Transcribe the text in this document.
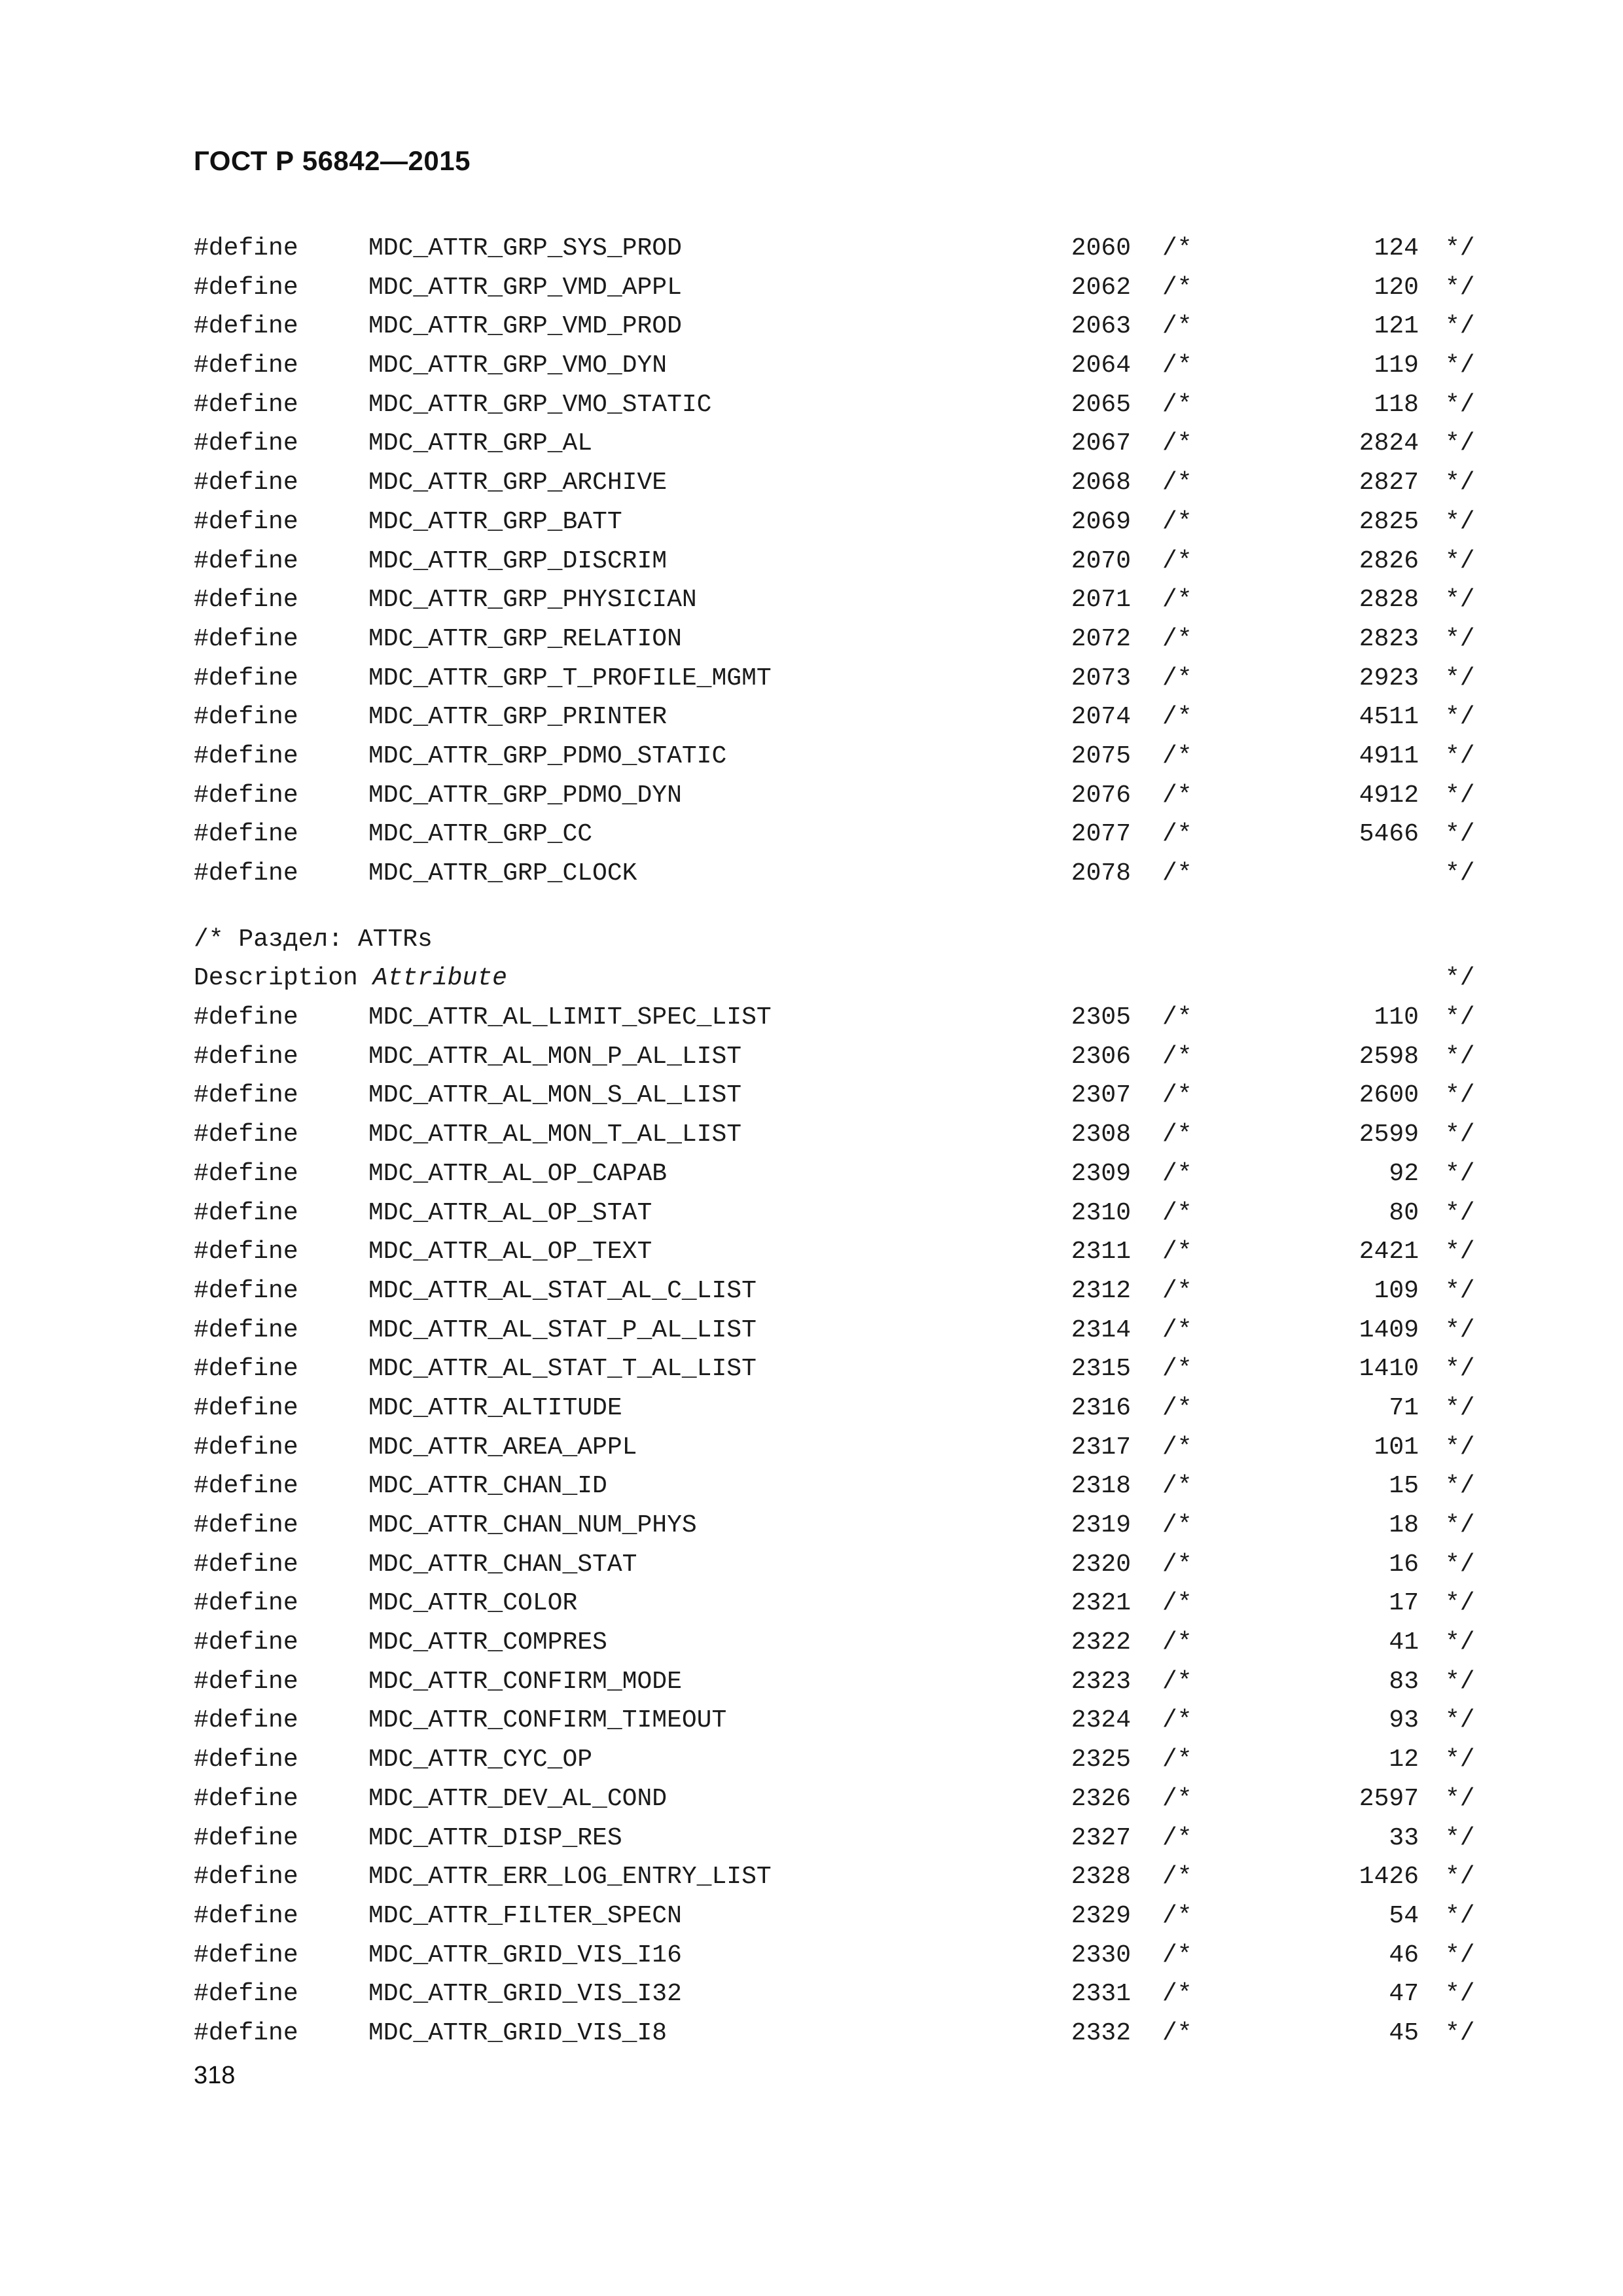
ГОСТ Р 56842—2015
#define	MDC_ATTR_GRP_SYS_PROD	2060 /*	124 */
#define	MDC_ATTR_GRP_VMD_APPL	2062 /*	120 */
#define	MDC_ATTR_GRP_VMD_PROD	2063 /*	121 */
#define	MDC_ATTR_GRP_VMO_DYN	2064 /*	119 */
#define	MDC_ATTR_GRP_VMO_STATIC	2065 /*	118 */
#define	MDC_ATTR_GRP_AL	2067 /*	2824 */
#define	MDC_ATTR_GRP_ARCHIVE	2068 /*	2827 */
#define	MDC_ATTR_GRP_BATT	2069 /*	2825 */
#define	MDC_ATTR_GRP_DISCRIM	2070 /*	2826 */
#define	MDC_ATTR_GRP_PHYSICIAN	2071 /*	2828 */
#define	MDC_ATTR_GRP_RELATION	2072 /*	2823 */
#define	MDC_ATTR_GRP_T_PROFILE_MGMT	2073 /*	2923 */
#define	MDC_ATTR_GRP_PRINTER	2074 /*	4511 */
#define	MDC_ATTR_GRP_PDMO_STATIC	2075 /*	4911 */
#define	MDC_ATTR_GRP_PDMO_DYN	2076 /*	4912 */
#define	MDC_ATTR_GRP_CC	2077 /*	5466 */
#define	MDC_ATTR_GRP_CLOCK	2078 /*	*/
/* Раздел: ATTRs
Description Attribute	*/
#define	MDC_ATTR_AL_LIMIT_SPEC_LIST	2305 /*	110 */
#define	MDC_ATTR_AL_MON_P_AL_LIST	2306 /*	2598 */
#define	MDC_ATTR_AL_MON_S_AL_LIST	2307 /*	2600 */
#define	MDC_ATTR_AL_MON_T_AL_LIST	2308 /*	2599 */
#define	MDC_ATTR_AL_OP_CAPAB	2309 /*	92 */
#define	MDC_ATTR_AL_OP_STAT	2310 /*	80 */
#define	MDC_ATTR_AL_OP_TEXT	2311 /*	2421 */
#define	MDC_ATTR_AL_STAT_AL_C_LIST	2312 /*	109 */
#define	MDC_ATTR_AL_STAT_P_AL_LIST	2314 /*	1409 */
#define	MDC_ATTR_AL_STAT_T_AL_LIST	2315 /*	1410 */
#define	MDC_ATTR_ALTITUDE	2316 /*	71 */
#define	MDC_ATTR_AREA_APPL	2317 /*	101 */
#define	MDC_ATTR_CHAN_ID	2318 /*	15 */
#define	MDC_ATTR_CHAN_NUM_PHYS	2319 /*	18 */
#define	MDC_ATTR_CHAN_STAT	2320 /*	16 */
#define	MDC_ATTR_COLOR	2321 /*	17 */
#define	MDC_ATTR_COMPRES	2322 /*	41 */
#define	MDC_ATTR_CONFIRM_MODE	2323 /*	83 */
#define	MDC_ATTR_CONFIRM_TIMEOUT	2324 /*	93 */
#define	MDC_ATTR_CYC_OP	2325 /*	12 */
#define	MDC_ATTR_DEV_AL_COND	2326 /*	2597 */
#define	MDC_ATTR_DISP_RES	2327 /*	33 */
#define	MDC_ATTR_ERR_LOG_ENTRY_LIST	2328 /*	1426 */
#define	MDC_ATTR_FILTER_SPECN	2329 /*	54 */
#define	MDC_ATTR_GRID_VIS_I16	2330 /*	46 */
#define	MDC_ATTR_GRID_VIS_I32	2331 /*	47 */
#define	MDC_ATTR_GRID_VIS_I8	2332 /*	45 */
318
